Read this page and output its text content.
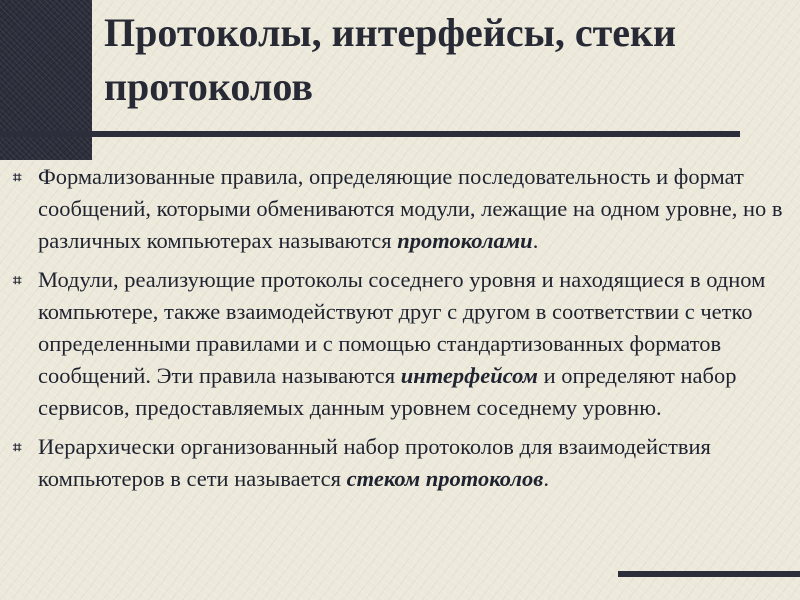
Протоколы, интерфейсы, стеки протоколов
⌗ Формализованные правила, определяющие последовательность и формат сообщений, которыми обмениваются модули, лежащие на одном уровне, но в различных компьютерах называются протоколами.
⌗ Модули, реализующие протоколы соседнего уровня и находящиеся в одном компьютере, также взаимодействуют друг с другом в соответствии с четко определенными правилами и с помощью стандартизованных форматов сообщений. Эти правила называются интерфейсом и определяют набор сервисов, предоставляемых данным уровнем соседнему уровню.
⌗ Иерархически организованный набор протоколов для взаимодействия компьютеров в сети называется стеком протоколов.
